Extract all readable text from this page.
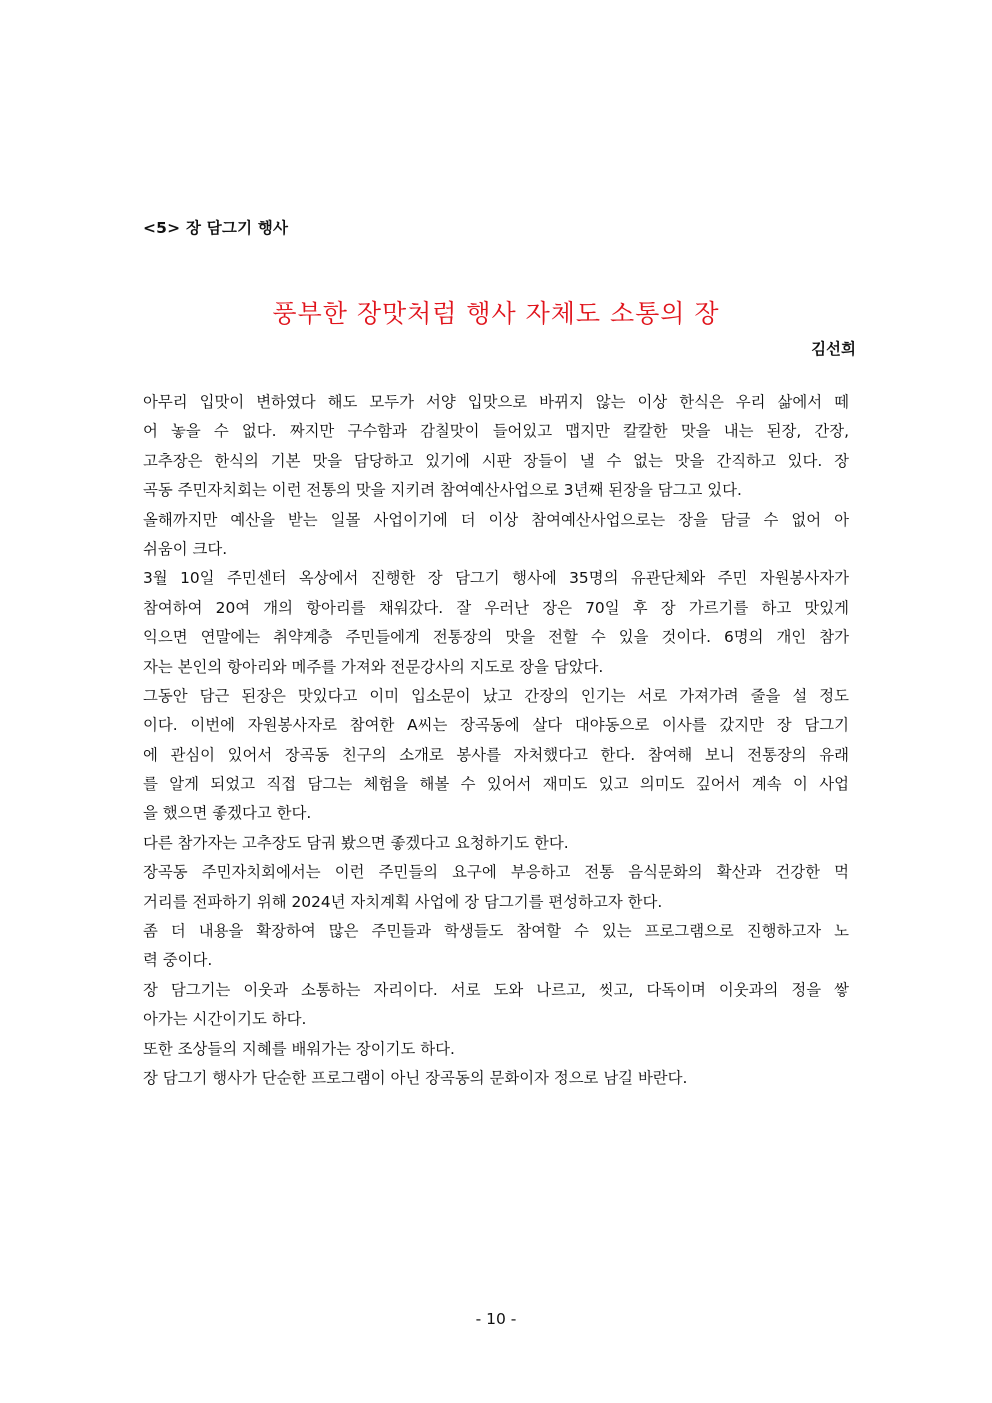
<5> 장 담그기 행사
풍부한 장맛처럼 행사 자체도 소통의 장
김선희
아무리 입맛이 변하였다 해도 모두가 서양 입맛으로 바뀌지 않는 이상 한식은 우리 삶에서 떼
어 놓을 수 없다. 짜지만 구수함과 감칠맛이 들어있고 맵지만 칼칼한 맛을 내는 된장, 간장,
고추장은 한식의 기본 맛을 담당하고 있기에 시판 장들이 낼 수 없는 맛을 간직하고 있다. 장
곡동 주민자치회는 이런 전통의 맛을 지키려 참여예산사업으로 3년째 된장을 담그고 있다.
올해까지만 예산을 받는 일몰 사업이기에 더 이상 참여예산사업으로는 장을 담글 수 없어 아
쉬움이 크다.
3월 10일 주민센터 옥상에서 진행한 장 담그기 행사에 35명의 유관단체와 주민 자원봉사자가
참여하여 20여 개의 항아리를 채워갔다. 잘 우러난 장은 70일 후 장 가르기를 하고 맛있게
익으면 연말에는 취약계층 주민들에게 전통장의 맛을 전할 수 있을 것이다. 6명의 개인 참가
자는 본인의 항아리와 메주를 가져와 전문강사의 지도로 장을 담았다.
그동안 담근 된장은 맛있다고 이미 입소문이 났고 간장의 인기는 서로 가져가려 줄을 설 정도
이다. 이번에 자원봉사자로 참여한 A씨는 장곡동에 살다 대야동으로 이사를 갔지만 장 담그기
에 관심이 있어서 장곡동 친구의 소개로 봉사를 자처했다고 한다. 참여해 보니 전통장의 유래
를 알게 되었고 직접 담그는 체험을 해볼 수 있어서 재미도 있고 의미도 깊어서 계속 이 사업
을 했으면 좋겠다고 한다.
다른 참가자는 고추장도 담궈 봤으면 좋겠다고 요청하기도 한다.
장곡동 주민자치회에서는 이런 주민들의 요구에 부응하고 전통 음식문화의 확산과 건강한 먹
거리를 전파하기 위해 2024년 자치계획 사업에 장 담그기를 편성하고자 한다.
좀 더 내용을 확장하여 많은 주민들과 학생들도 참여할 수 있는 프로그램으로 진행하고자 노
력 중이다.
장 담그기는 이웃과 소통하는 자리이다. 서로 도와 나르고, 씻고, 다독이며 이웃과의 정을 쌓
아가는 시간이기도 하다.
또한 조상들의 지혜를 배워가는 장이기도 하다.
장 담그기 행사가 단순한 프로그램이 아닌 장곡동의 문화이자 정으로 남길 바란다.
- 10 -
